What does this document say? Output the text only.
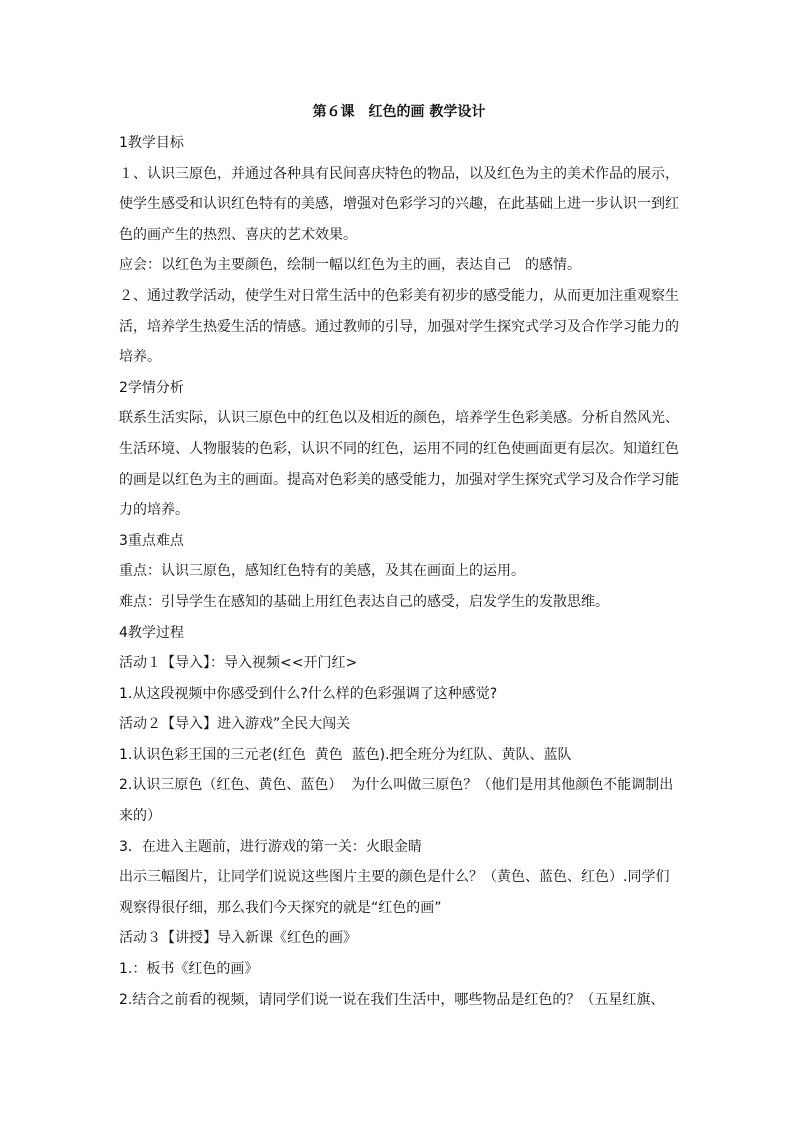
第６课　红色的画 教学设计

1教学目标

１、认识三原色，并通过各种具有民间喜庆特色的物品，以及红色为主的美术作品的展示，

使学生感受和认识红色特有的美感，增强对色彩学习的兴趣，在此基础上进一步认识一到红

色的画产生的热烈、喜庆的艺术效果。

应会：以红色为主要颜色，绘制一幅以红色为主的画，表达自己　的感情。

２、通过教学活动，使学生对日常生活中的色彩美有初步的感受能力，从而更加注重观察生

活，培养学生热爱生活的情感。通过教师的引导，加强对学生探究式学习及合作学习能力的

培养。

2学情分析

联系生活实际，认识三原色中的红色以及相近的颜色，培养学生色彩美感。分析自然风光、

生活环境、人物服装的色彩，认识不同的红色，运用不同的红色使画面更有层次。知道红色

的画是以红色为主的画面。提高对色彩美的感受能力，加强对学生探究式学习及合作学习能

力的培养。

3重点难点

重点：认识三原色，感知红色特有的美感，及其在画面上的运用。

难点：引导学生在感知的基础上用红色表达自己的感受，启发学生的发散思维。

4教学过程

活动１【导入】：导入视频<<开门红>

1.从这段视频中你感受到什么?什么样的色彩强调了这种感觉?

活动２【导入】进入游戏”全民大闯关

1.认识色彩王国的三元老(红色  黄色  蓝色).把全班分为红队、黄队、蓝队

2.认识三原色（红色、黄色、蓝色）  为什么叫做三原色？（他们是用其他颜色不能调制出

来的）

3．在进入主题前，进行游戏的第一关：火眼金睛

出示三幅图片，让同学们说说这些图片主要的颜色是什么？（黄色、蓝色、红色）.同学们

观察得很仔细，那么我们今天探究的就是“红色的画”

活动３【讲授】导入新课《红色的画》

1.：板书《红色的画》

2.结合之前看的视频，请同学们说一说在我们生活中，哪些物品是红色的？（五星红旗、
